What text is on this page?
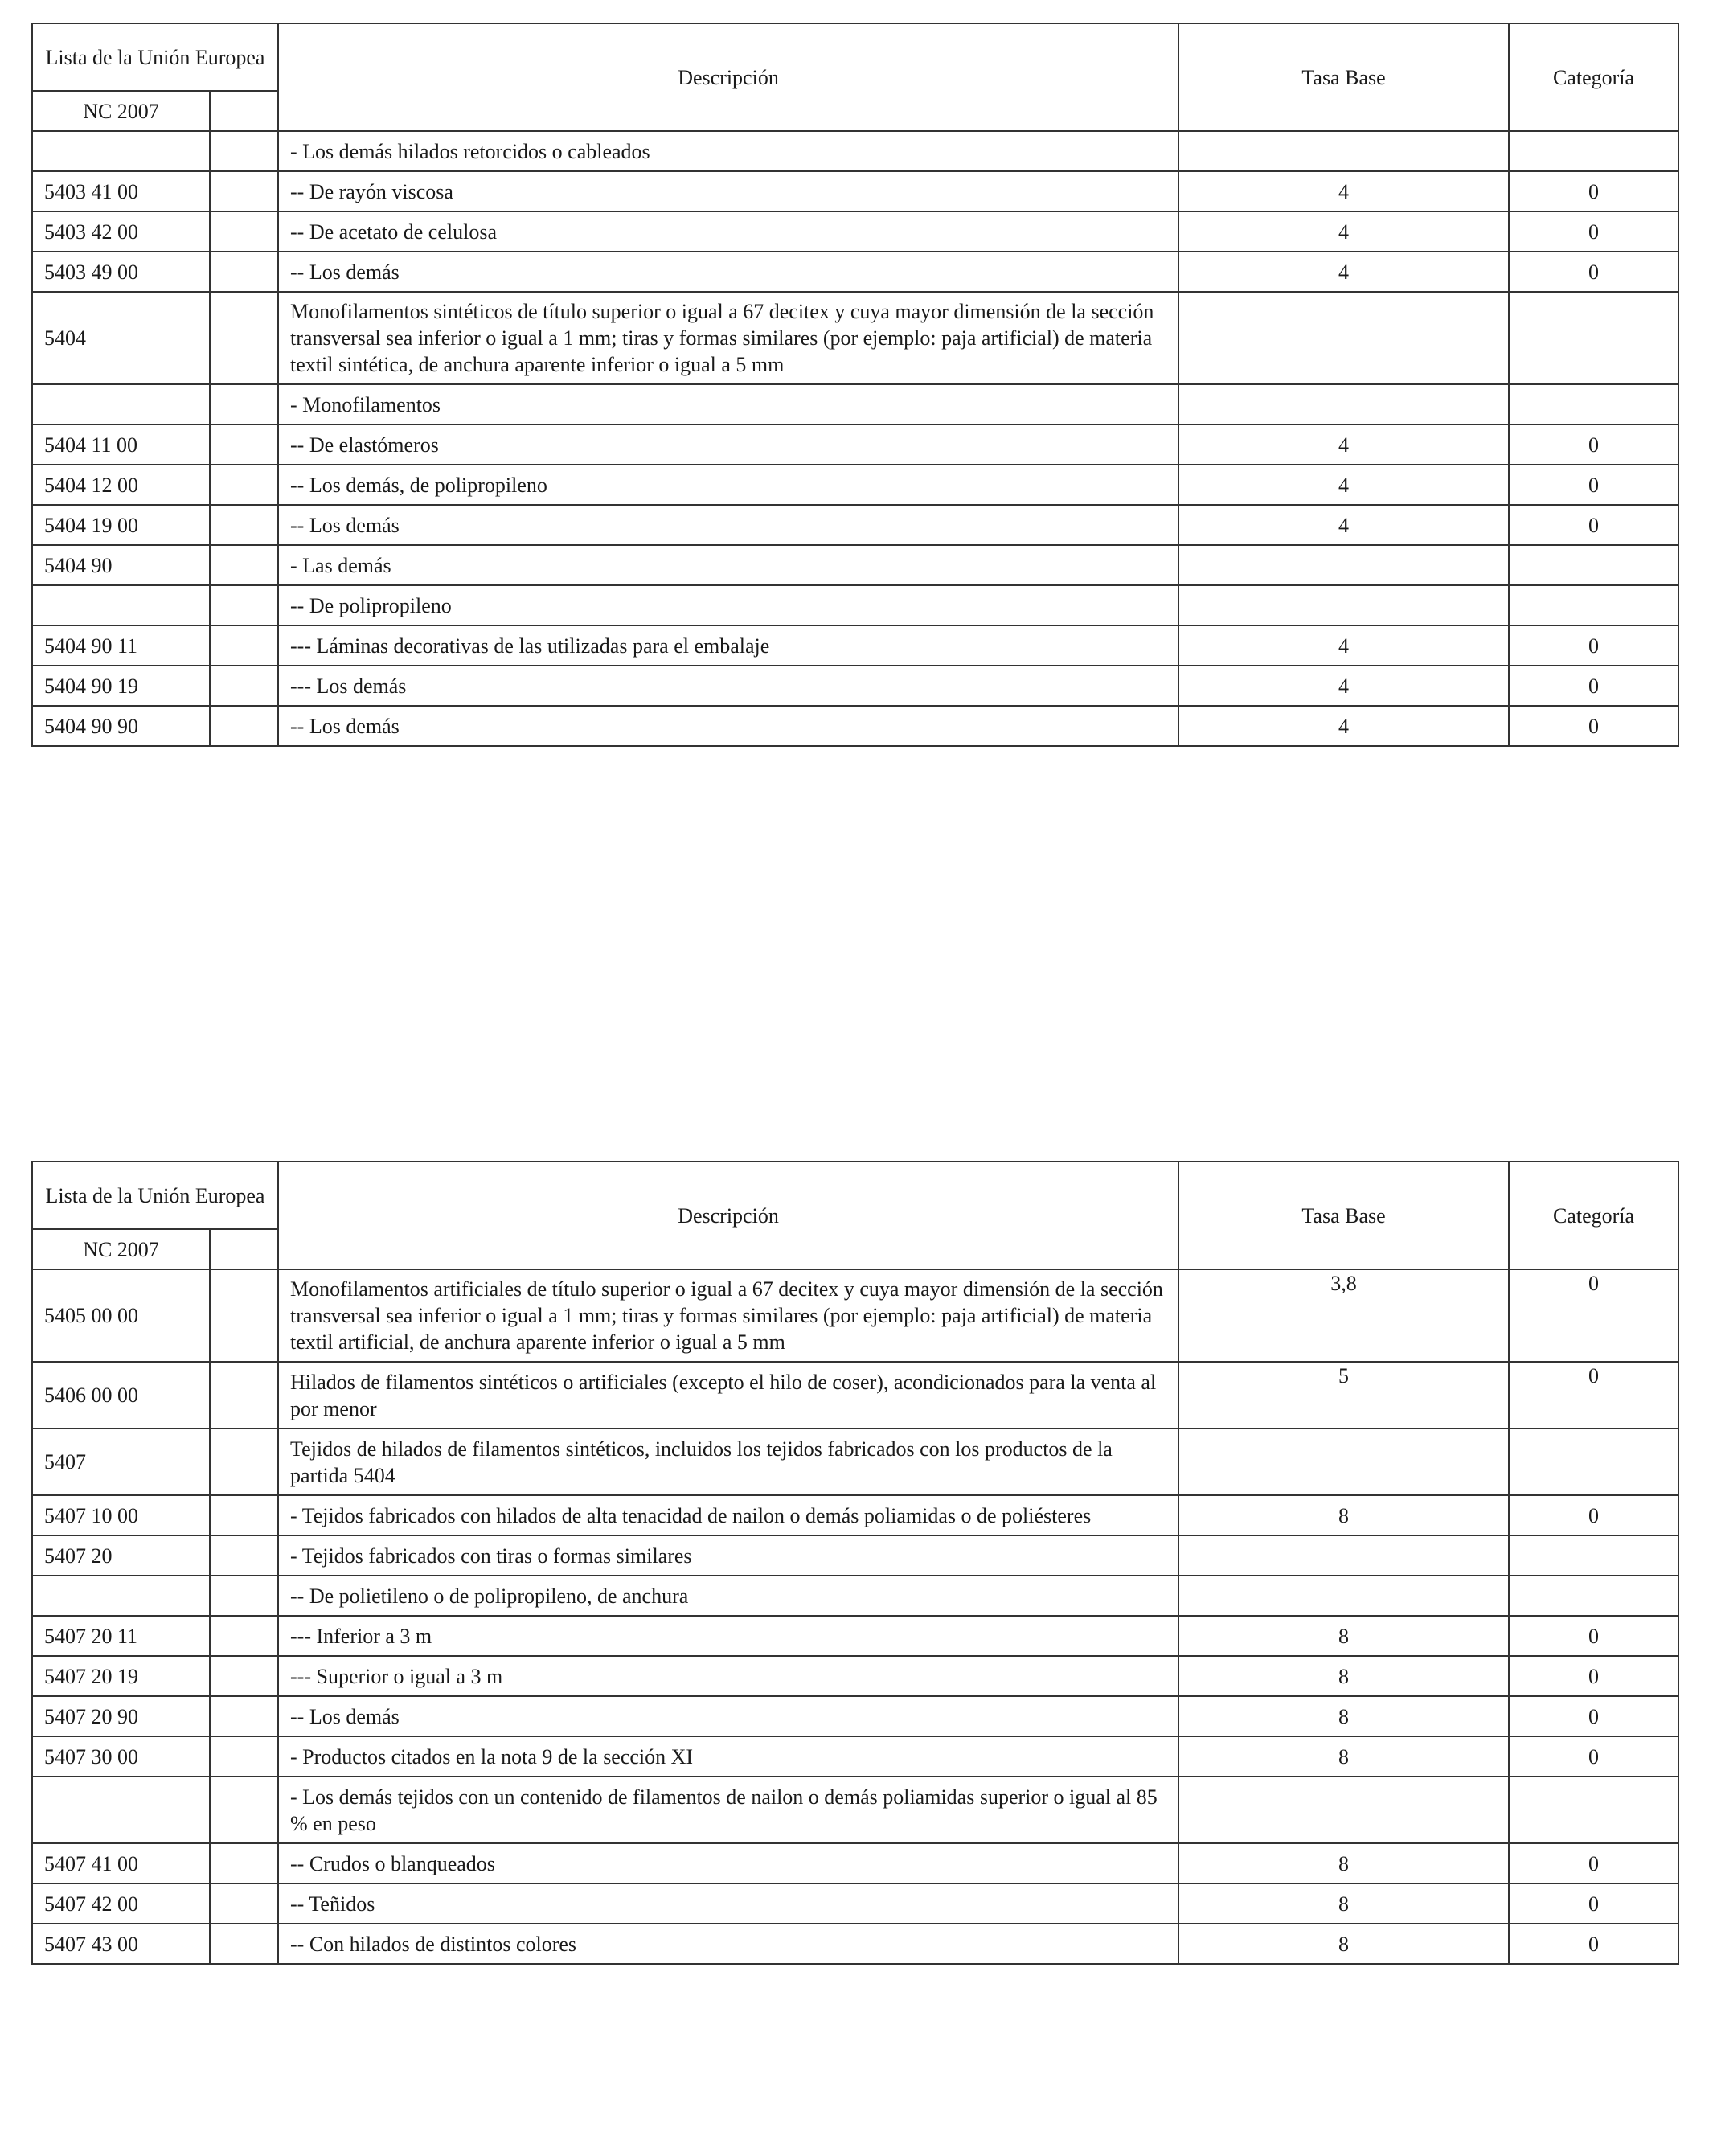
Lista de la Unión Europea		Descripción	Tasa Base	Categoría
NC 2007				
		- Los demás hilados retorcidos o cableados		
5403 41 00		-- De rayón viscosa	4	0
5403 42 00		-- De acetato de celulosa	4	0
5403 49 00		-- Los demás	4	0
5404		Monofilamentos sintéticos de título superior o igual a 67 decitex y cuya mayor dimensión de la sección transversal sea inferior o igual a 1 mm; tiras y formas similares (por ejemplo: paja artificial) de materia textil sintética, de anchura aparente inferior o igual a 5 mm		
		- Monofilamentos		
5404 11 00		-- De elastómeros	4	0
5404 12 00		-- Los demás, de polipropileno	4	0
5404 19 00		-- Los demás	4	0
5404 90		- Las demás		
		-- De polipropileno		
5404 90 11		--- Láminas decorativas de las utilizadas para el embalaje	4	0
5404 90 19		--- Los demás	4	0
5404 90 90		-- Los demás	4	0
Lista de la Unión Europea		Descripción	Tasa Base	Categoría
NC 2007				
5405 00 00		Monofilamentos artificiales de título superior o igual a 67 decitex y cuya mayor dimensión de la sección transversal sea inferior o igual a 1 mm; tiras y formas similares (por ejemplo: paja artificial) de materia textil artificial, de anchura aparente inferior o igual a 5 mm	3,8	0
5406 00 00		Hilados de filamentos sintéticos o artificiales (excepto el hilo de coser), acondicionados para la venta al por menor	5	0
5407		Tejidos de hilados de filamentos sintéticos, incluidos los tejidos fabricados con los productos de la partida 5404		
5407 10 00		- Tejidos fabricados con hilados de alta tenacidad de nailon o demás poliamidas o de poliésteres	8	0
5407 20		- Tejidos fabricados con tiras o formas similares		
		-- De polietileno o de polipropileno, de anchura		
5407 20 11		--- Inferior a 3 m	8	0
5407 20 19		--- Superior o igual a 3 m	8	0
5407 20 90		-- Los demás	8	0
5407 30 00		- Productos citados en la nota 9 de la sección XI	8	0
		- Los demás tejidos con un contenido de filamentos de nailon o demás poliamidas superior o igual al 85 % en peso		
5407 41 00		-- Crudos o blanqueados	8	0
5407 42 00		-- Teñidos	8	0
5407 43 00		-- Con hilados de distintos colores	8	0
